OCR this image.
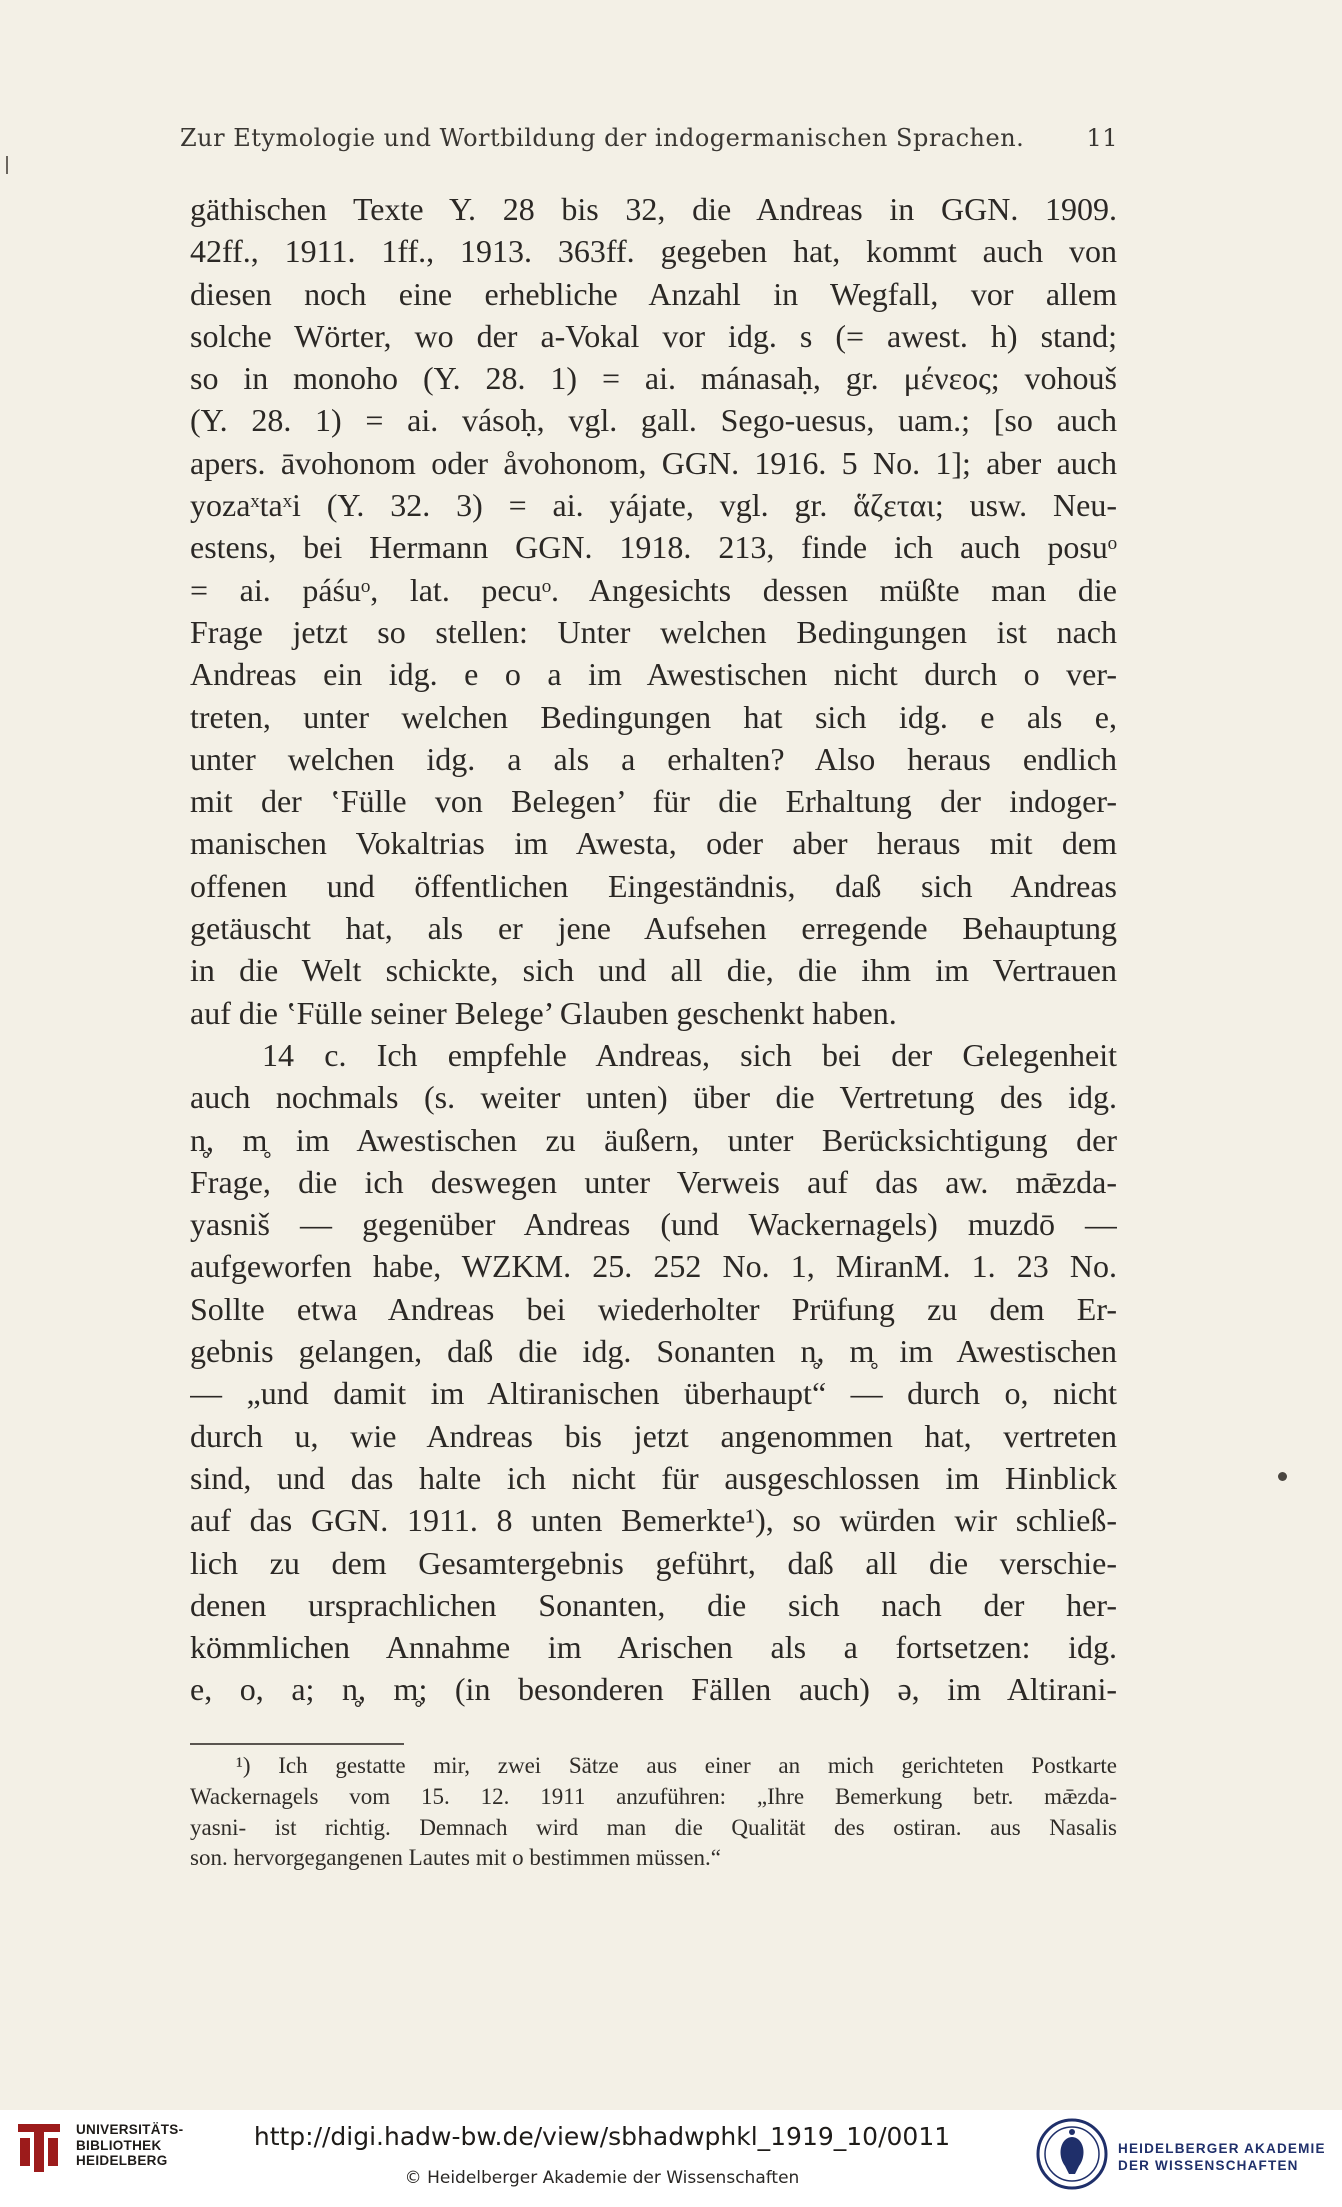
Zur Etymologie und Wortbildung der indogermanischen Sprachen.	11
gäthischen Texte Y. 28 bis 32, die Andreas in GGN. 1909.
42ff., 1911. 1ff., 1913. 363ff. gegeben hat, kommt auch von
diesen noch eine erhebliche Anzahl in Wegfall, vor allem
solche Wörter, wo der a-Vokal vor idg. s (= awest. h) stand;
so in monoho (Y. 28. 1) = ai. mánasaḥ, gr. μένεος; vohouš
(Y. 28. 1) = ai. vásoḥ, vgl. gall. Sego-uesus, uam.; [so auch
apers. āvohonom oder åvohonom, GGN. 1916. 5 No. 1]; aber auch
yozaˣtaˣi (Y. 32. 3) = ai. yájate, vgl. gr. ἅζεται; usw. Neu-
estens, bei Hermann GGN. 1918. 213, finde ich auch posuᵒ
= ai. páśuᵒ, lat. pecuᵒ. Angesichts dessen müßte man die
Frage jetzt so stellen: Unter welchen Bedingungen ist nach
Andreas ein idg. e o a im Awestischen nicht durch o ver-
treten, unter welchen Bedingungen hat sich idg. e als e,
unter welchen idg. a als a erhalten? Also heraus endlich
mit der ʽFülle von Belegen’ für die Erhaltung der indoger-
manischen Vokaltrias im Awesta, oder aber heraus mit dem
offenen und öffentlichen Eingeständnis, daß sich Andreas
getäuscht hat, als er jene Aufsehen erregende Behauptung
in die Welt schickte, sich und all die, die ihm im Vertrauen
auf die ʽFülle seiner Belege’ Glauben geschenkt haben.
14 c. Ich empfehle Andreas, sich bei der Gelegenheit
auch nochmals (s. weiter unten) über die Vertretung des idg.
n̥, m̥ im Awestischen zu äußern, unter Berücksichtigung der
Frage, die ich deswegen unter Verweis auf das aw. mǣzda-
yasniš — gegenüber Andreas (und Wackernagels) muzdō —
aufgeworfen habe, WZKM. 25. 252 No. 1, MiranM. 1. 23 No.
Sollte etwa Andreas bei wiederholter Prüfung zu dem Er-
gebnis gelangen, daß die idg. Sonanten n̥, m̥ im Awestischen
— „und damit im Altiranischen überhaupt“ — durch o, nicht
durch u, wie Andreas bis jetzt angenommen hat, vertreten
sind, und das halte ich nicht für ausgeschlossen im Hinblick
auf das GGN. 1911. 8 unten Bemerkte¹), so würden wir schließ-
lich zu dem Gesamtergebnis geführt, daß all die verschie-
denen ursprachlichen Sonanten, die sich nach der her-
kömmlichen Annahme im Arischen als a fortsetzen: idg.
e, o, a; n̥, m̥; (in besonderen Fällen auch) ə, im Altirani-
¹) Ich gestatte mir, zwei Sätze aus einer an mich gerichteten Postkarte
Wackernagels vom 15. 12. 1911 anzuführen: „Ihre Bemerkung betr. mǣzda-
yasni- ist richtig. Demnach wird man die Qualität des ostiran. aus Nasalis
son. hervorgegangenen Lautes mit o bestimmen müssen.“
UNIVERSITÄTS- BIBLIOTHEK HEIDELBERG
http://digi.hadw-bw.de/view/sbhadwphkl_1919_10/0011
© Heidelberger Akademie der Wissenschaften
HEIDELBERGER AKADEMIE DER WISSENSCHAFTEN
